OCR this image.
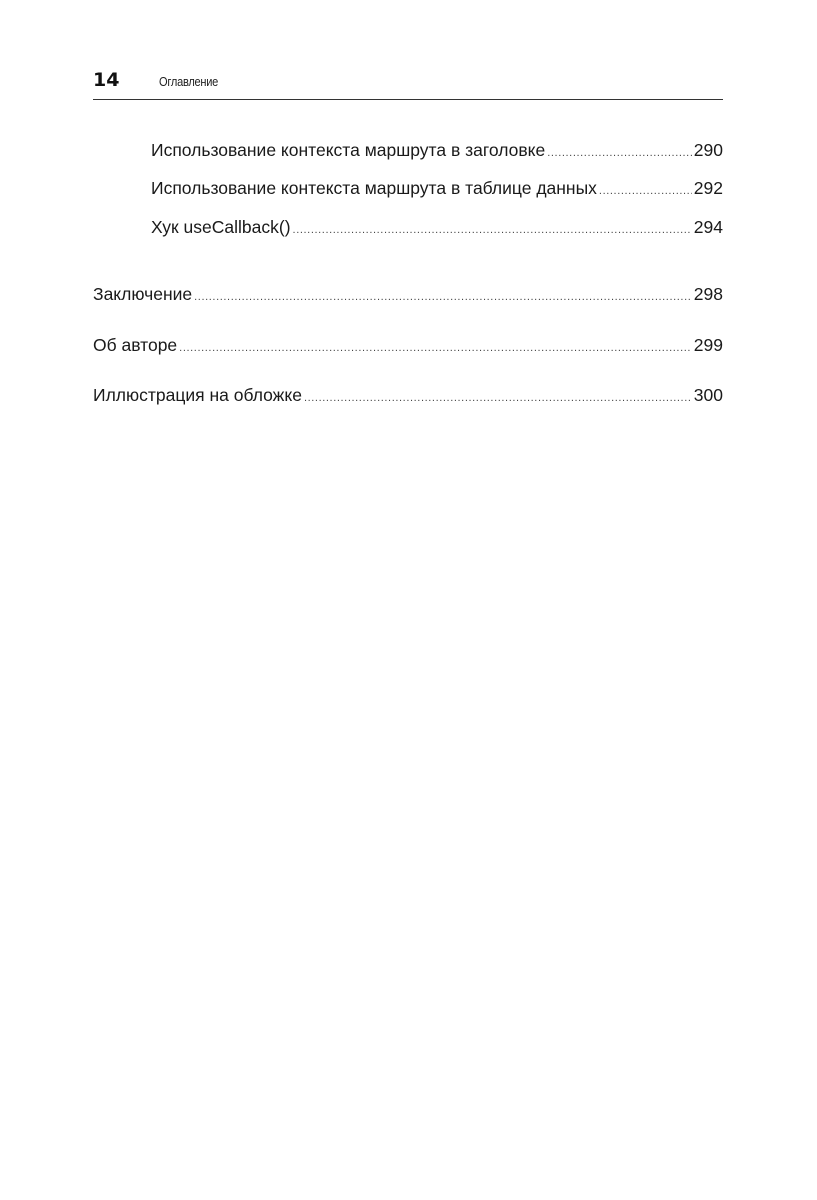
14	Оглавление
Использование контекста маршрута в заголовке .....	290
Использование контекста маршрута в таблице данных .....	292
Хук useCallback() .....	294
Заключение .....	298
Об авторе .....	299
Иллюстрация на обложке .....	300
